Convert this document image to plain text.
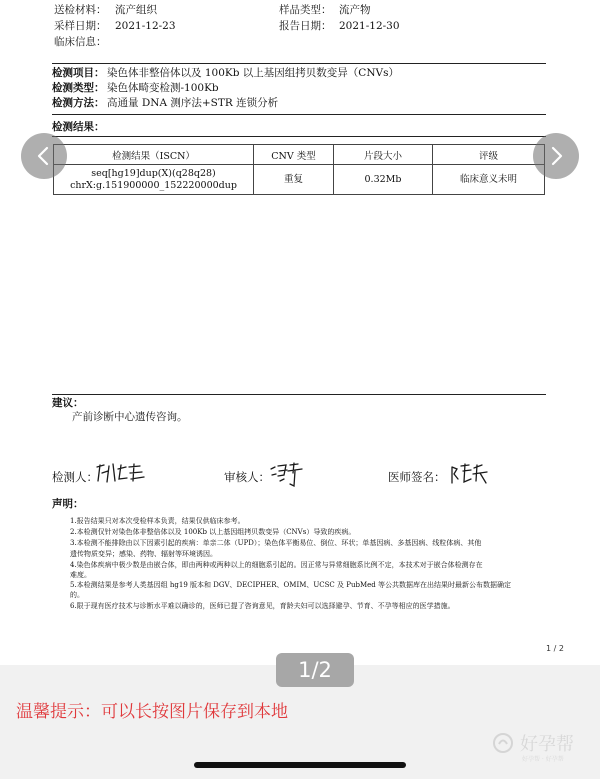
送检材料： 流产组织	样品类型： 流产物
采样日期： 2021-12-23	报告日期： 2021-12-30
临床信息：
检测项目： 染色体非整倍体以及 100Kb 以上基因组拷贝数变异（CNVs）
检测类型： 染色体畸变检测-100Kb
检测方法： 高通量 DNA 测序法+STR 连锁分析
检测结果：
检测结果（ISCN）	CNV 类型	片段大小	评级

seq[hg19]dup(X)(q28q28)
chrX:g.151900000_152220000dup	重复	0.32Mb	临床意义未明
建议：
产前诊断中心遗传咨询。
检测人：	审核人：	医师签名：
声明：
1.报告结果只对本次受检样本负责，结果仅供临床参考。
2.本检测仅针对染色体非整倍体以及 100Kb 以上基因组拷贝数变异（CNVs）导致的疾病。
3.本检测不能排除由以下因素引起的疾病：单亲二体（UPD）；染色体平衡易位、倒位、环状；单基因病、多基因病、线粒体病、其他
遗传物质变异；感染、药物、辐射等环境诱因。
4.染色体疾病中极少数是由嵌合体，即由两种或两种以上的细胞系引起的。因正常与异常细胞系比例不定，本技术对于嵌合体检测存在
难度。
5.本检测结果是参考人类基因组 hg19 版本和 DGV、DECIPHER、OMIM、UCSC 及 PubMed 等公共数据库在出结果时最新公布数据确定
的。
6.限于现有医疗技术与诊断水平难以确诊的，医师已提了咨询意见，育龄夫妇可以选择避孕、节育、不孕等相应的医学措施。
1 / 2
1/2
温馨提示：可以长按图片保存到本地
好孕帮
好孕帮 · 好孕帮
